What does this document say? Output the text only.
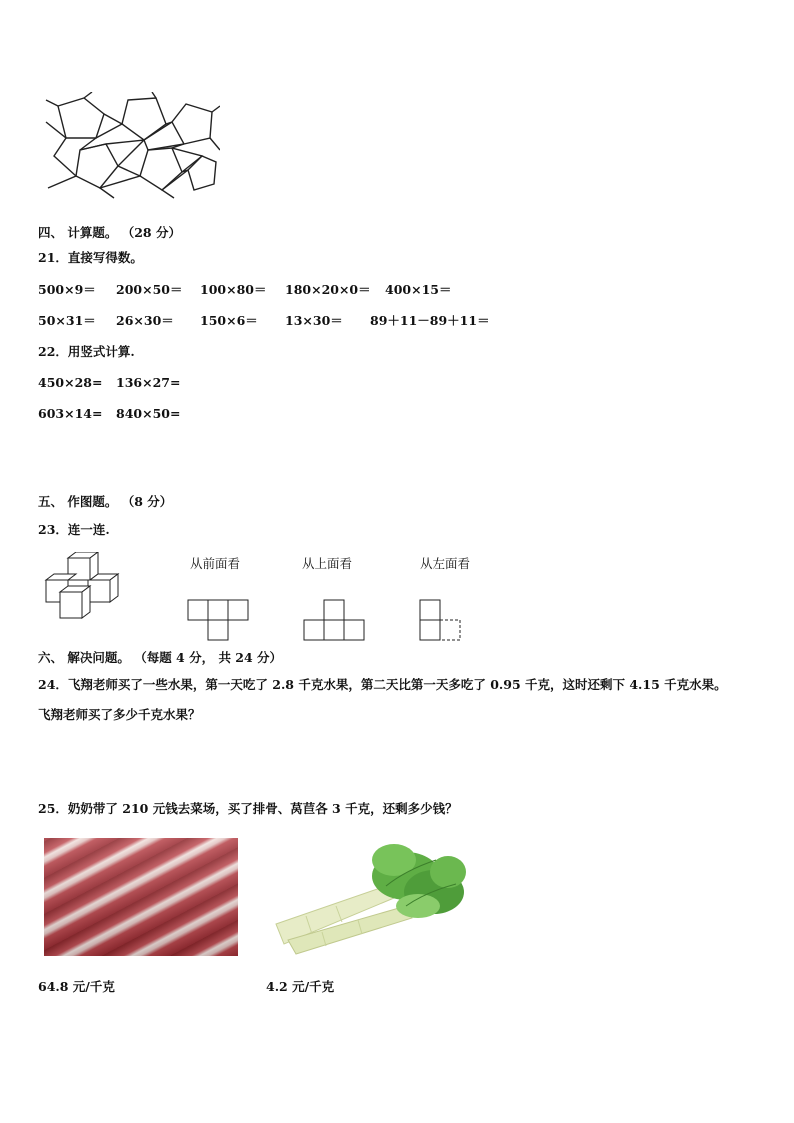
四、 计算题。 （28 分）
21．直接写得数。
500×9＝ 200×50＝ 100×80＝ 180×20×0＝ 400×15＝
50×31＝ 26×30＝ 150×6＝ 13×30＝ 89＋11－89＋11＝
22．用竖式计算.
450×28= 136×27=
603×14= 840×50=
五、 作图题。 （8 分）
23．连一连.
从前面看	从上面看	从左面看
六、 解决问题。 （每题 4 分， 共 24 分）
24．飞翔老师买了一些水果，第一天吃了 2.8 千克水果，第二天比第一天多吃了 0.95 千克，这时还剩下 4.15 千克水果。
飞翔老师买了多少千克水果？
25．奶奶带了 210 元钱去菜场，买了排骨、莴苣各 3 千克，还剩多少钱？
64.8 元/千克	4.2 元/千克
